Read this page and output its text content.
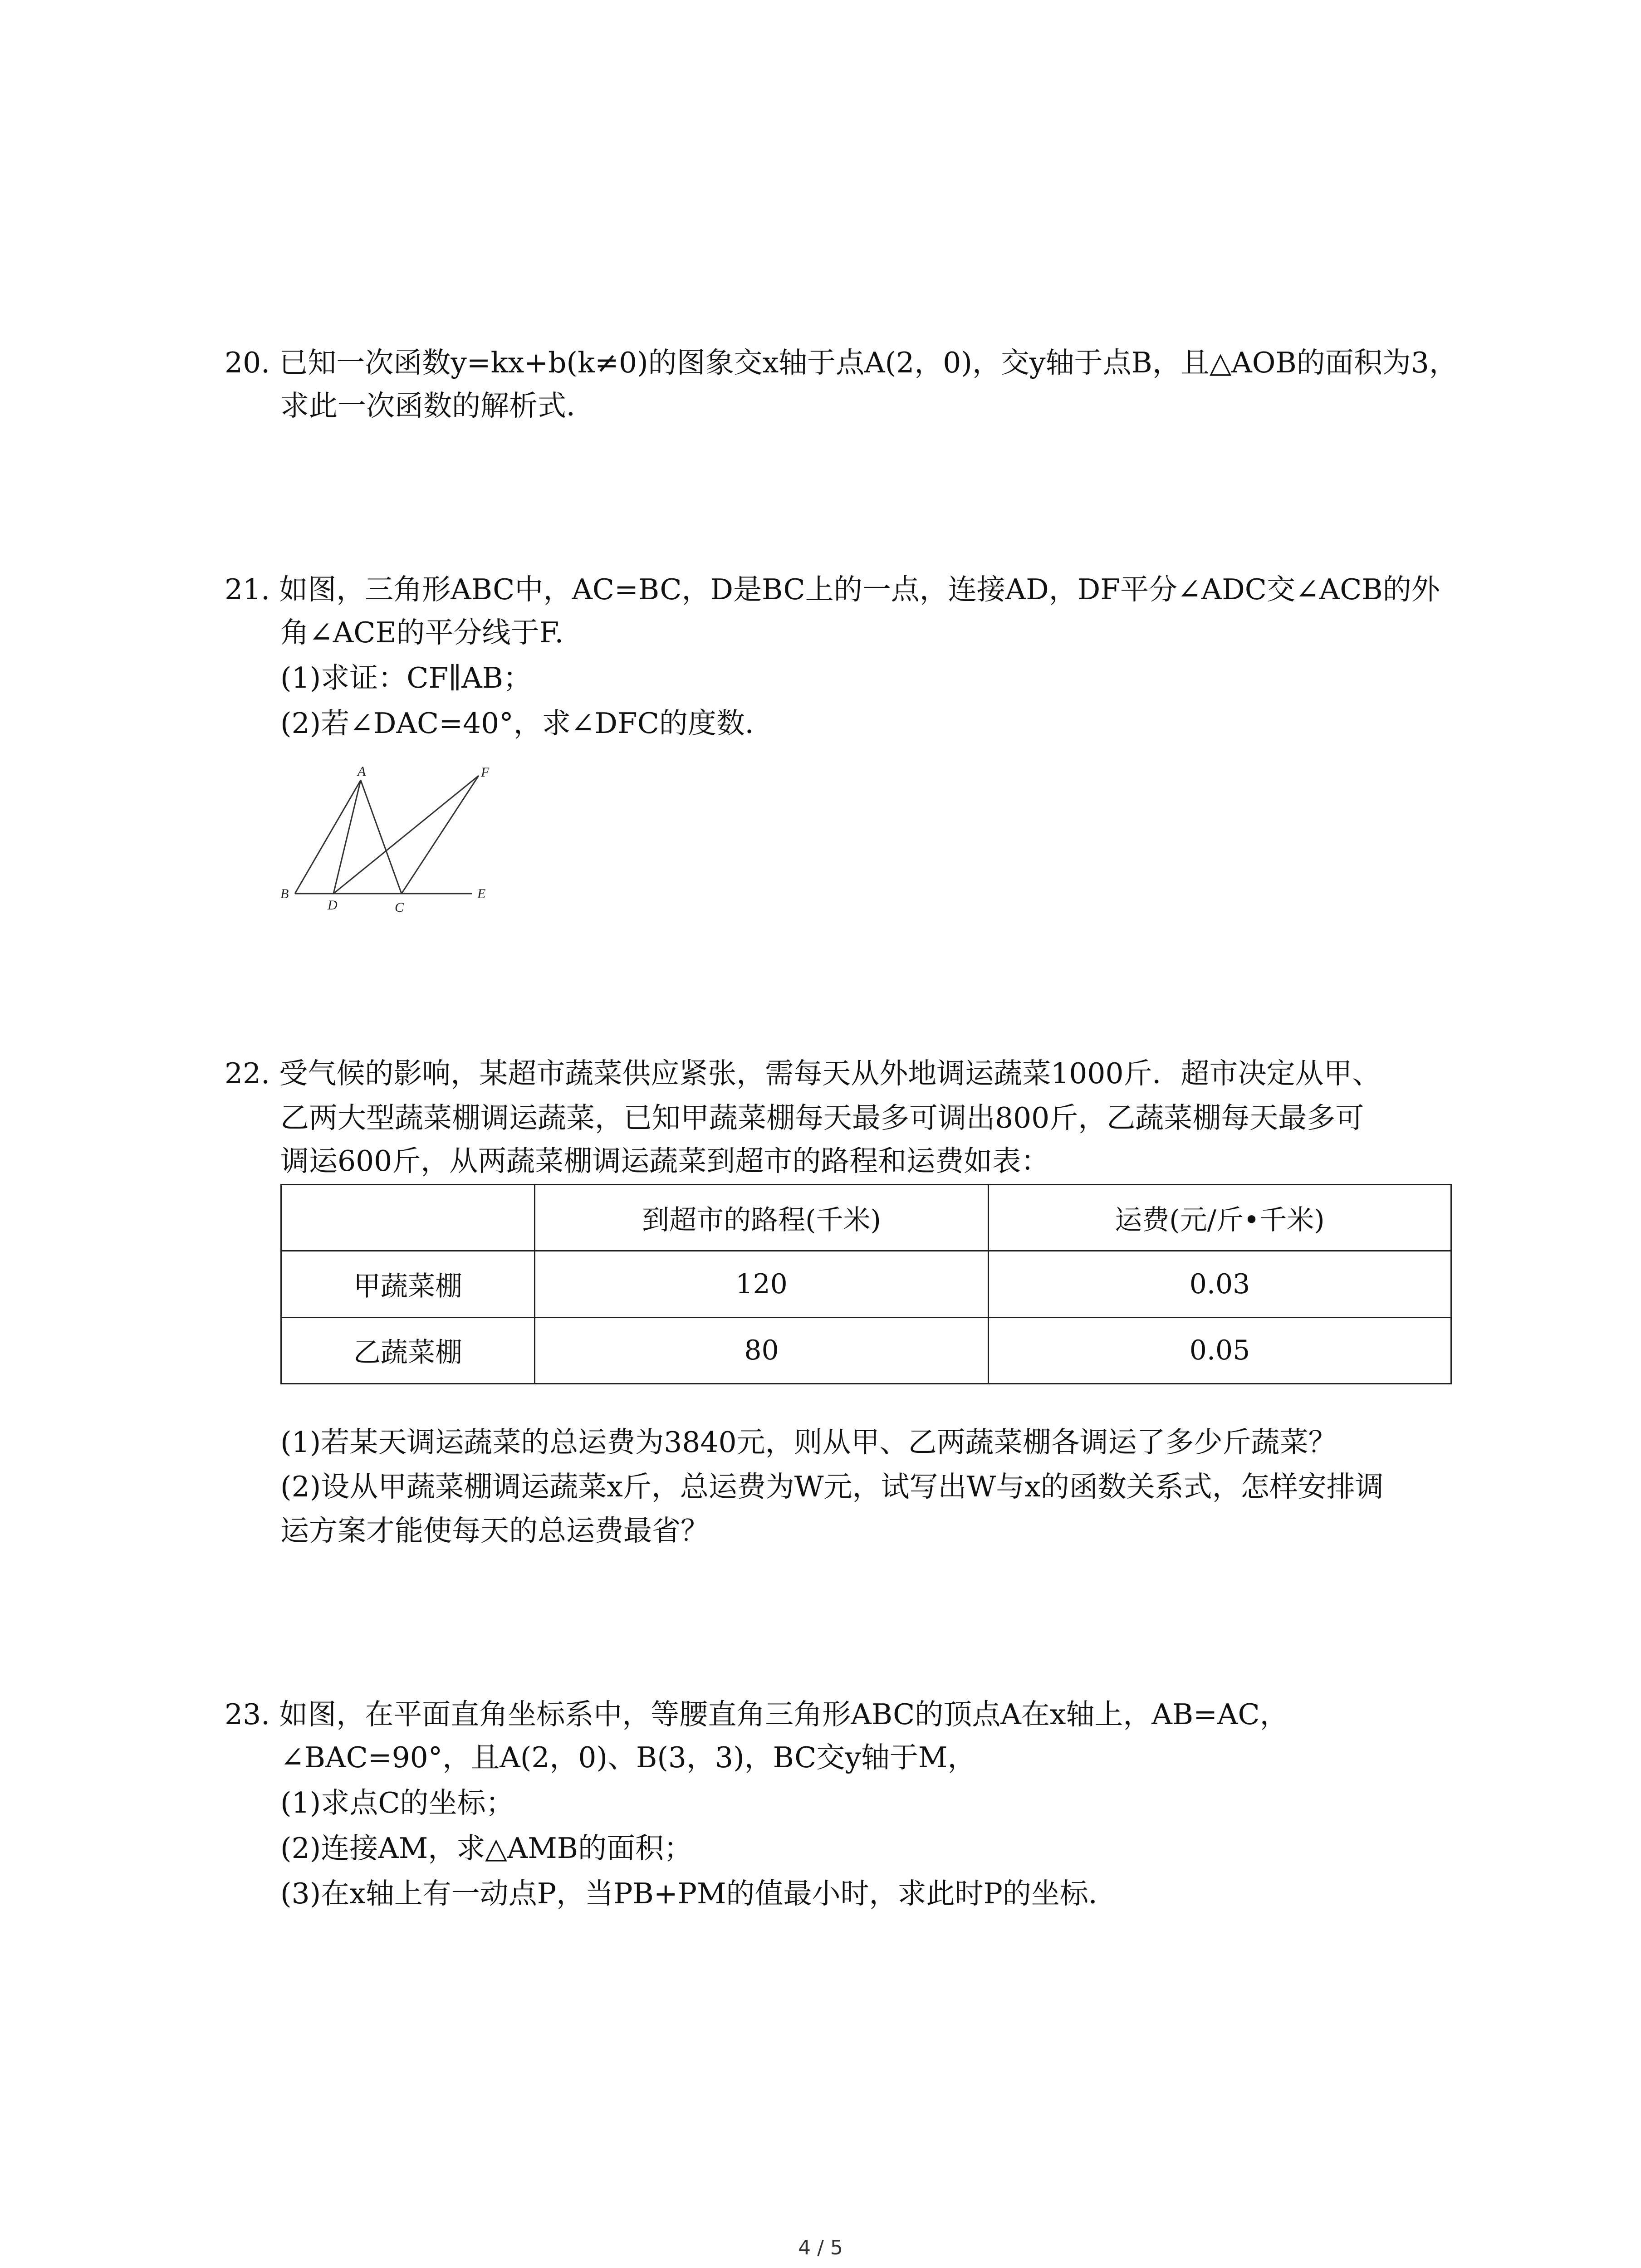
20. 已知一次函数y=kx+b(k≠0)的图象交x轴于点A(2，0)，交y轴于点B，且△AOB的面积为3，
求此一次函数的解析式．
21. 如图，三角形ABC中，AC=BC，D是BC上的一点，连接AD，DF平分∠ADC交∠ACB的外
角∠ACE的平分线于F.
(1)求证：CF∥AB；
(2)若∠DAC=40°，求∠DFC的度数．
A
B
C
D
E
F
22. 受气候的影响，某超市蔬菜供应紧张，需每天从外地调运蔬菜1000斤．超市决定从甲、
乙两大型蔬菜棚调运蔬菜，已知甲蔬菜棚每天最多可调出800斤，乙蔬菜棚每天最多可
调运600斤，从两蔬菜棚调运蔬菜到超市的路程和运费如表：
	到超市的路程(千米)	运费(元/斤•千米)
甲蔬菜棚	120	0.03
乙蔬菜棚	80	0.05
(1)若某天调运蔬菜的总运费为3840元，则从甲、乙两蔬菜棚各调运了多少斤蔬菜？
(2)设从甲蔬菜棚调运蔬菜x斤，总运费为W元，试写出W与x的函数关系式，怎样安排调
运方案才能使每天的总运费最省？
23. 如图，在平面直角坐标系中，等腰直角三角形ABC的顶点A在x轴上，AB=AC，
∠BAC=90°，且A(2，0)、B(3，3)，BC交y轴于M，
(1)求点C的坐标；
(2)连接AM，求△AMB的面积；
(3)在x轴上有一动点P，当PB+PM的值最小时，求此时P的坐标．
4 / 5
